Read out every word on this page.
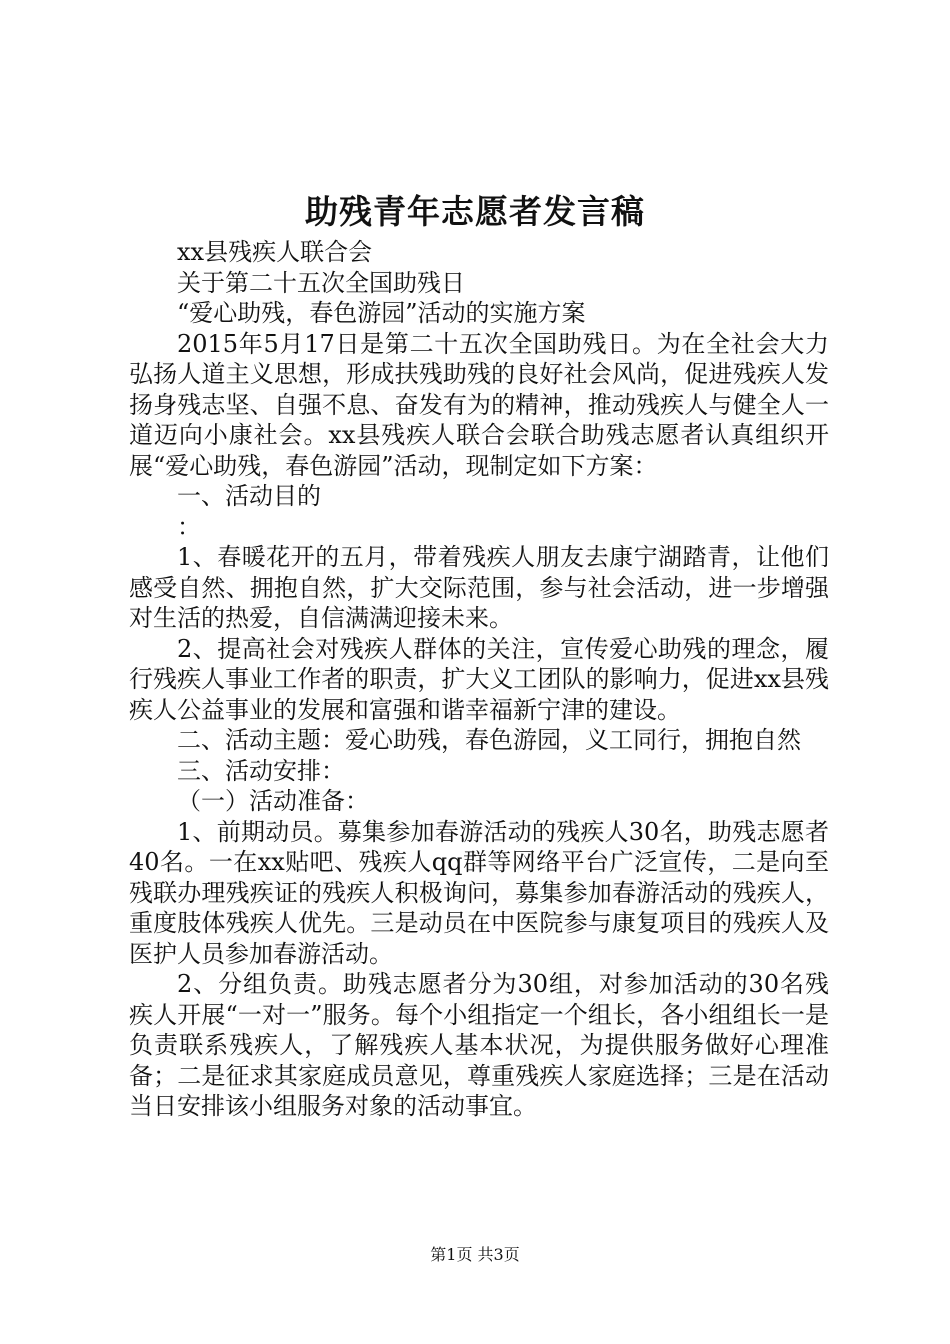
助残青年志愿者发言稿

xx县残疾人联合会

关于第二十五次全国助残日

“爱心助残，春色游园”活动的实施方案

2015年5月17日是第二十五次全国助残日。为在全社会大力弘扬人道主义思想，形成扶残助残的良好社会风尚，促进残疾人发扬身残志坚、自强不息、奋发有为的精神，推动残疾人与健全人一道迈向小康社会。xx县残疾人联合会联合助残志愿者认真组织开展“爱心助残，春色游园”活动，现制定如下方案：

一、活动目的

：

1、春暖花开的五月，带着残疾人朋友去康宁湖踏青，让他们感受自然、拥抱自然，扩大交际范围，参与社会活动，进一步增强对生活的热爱，自信满满迎接未来。

2、提高社会对残疾人群体的关注，宣传爱心助残的理念，履行残疾人事业工作者的职责，扩大义工团队的影响力，促进xx县残疾人公益事业的发展和富强和谐幸福新宁津的建设。

二、活动主题：爱心助残，春色游园，义工同行，拥抱自然

三、活动安排：

（一）活动准备：

1、前期动员。募集参加春游活动的残疾人30名，助残志愿者40名。一在xx贴吧、残疾人qq群等网络平台广泛宣传，二是向至残联办理残疾证的残疾人积极询问，募集参加春游活动的残疾人，重度肢体残疾人优先。三是动员在中医院参与康复项目的残疾人及医护人员参加春游活动。

2、分组负责。助残志愿者分为30组，对参加活动的30名残疾人开展“一对一”服务。每个小组指定一个组长，各小组组长一是负责联系残疾人，了解残疾人基本状况，为提供服务做好心理准备；二是征求其家庭成员意见，尊重残疾人家庭选择；三是在活动当日安排该小组服务对象的活动事宜。

第1页 共3页
